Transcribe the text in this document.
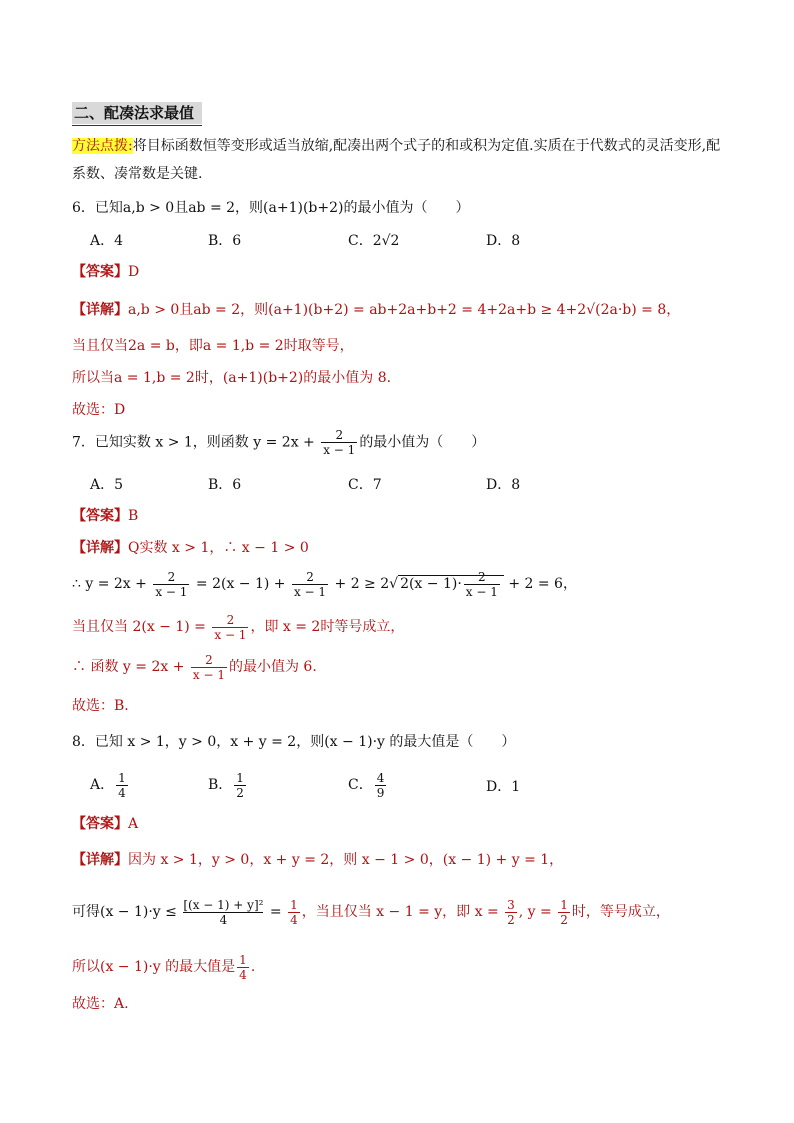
二、配凑法求最值
方法点拨:将目标函数恒等变形或适当放缩,配凑出两个式子的和或积为定值.实质在于代数式的灵活变形,配
系数、凑常数是关键.
6．已知a,b > 0且ab = 2，则(a+1)(b+2)的最小值为（　　）
A．4	B．6	C．2√2	D．8
【答案】D
【详解】a,b > 0且ab = 2，则(a+1)(b+2) = ab+2a+b+2 = 4+2a+b ≥ 4+2√(2a·b) = 8，
当且仅当2a = b，即a = 1,b = 2时取等号，
所以当a = 1,b = 2时，(a+1)(b+2)的最小值为 8.
故选：D
7．已知实数 x > 1，则函数 $y = 2x + \frac{2}{x - 1}$ 的最小值为（　　）
A．5	B．6	C．7	D．8
【答案】B
【详解】Q实数 x > 1，∴ x − 1 > 0
∴ $y = 2x + \frac{2}{x - 1} = 2(x - 1) + \frac{2}{x - 1} + 2 \ge 2√$ $2(x - 1)\cdot \frac{2}{x - 1} + 2 = 6$，
当且仅当 $2(x - 1) = \frac{2}{x - 1}$ ，即 x = 2时等号成立，
∴ 函数 $y = 2x + \frac{2}{x - 1}$ 的最小值为 6.
故选：B.
8．已知 x > 1，y > 0，x + y = 2，则(x − 1)·y 的最大值是（　　）
A． $\frac{1}{4}$	B． $\frac{1}{2}$	C． $\frac{4}{9}$	D．1
【答案】A
【详解】因为 x > 1，y > 0，x + y = 2，则 x − 1 > 0，(x − 1) + y = 1，
可得$(x - 1)\cdot y \le \frac{\text{[(x − 1) + y]²}}{4} = \frac{1}{4}$ ，当且仅当 x − 1 = y，即 $x = \frac{3}{2}$ , $y = \frac{1}{2}$ 时，等号成立，
所以(x − 1)·y 的最大值是 $\frac{1}{4}$ .
故选：A.
